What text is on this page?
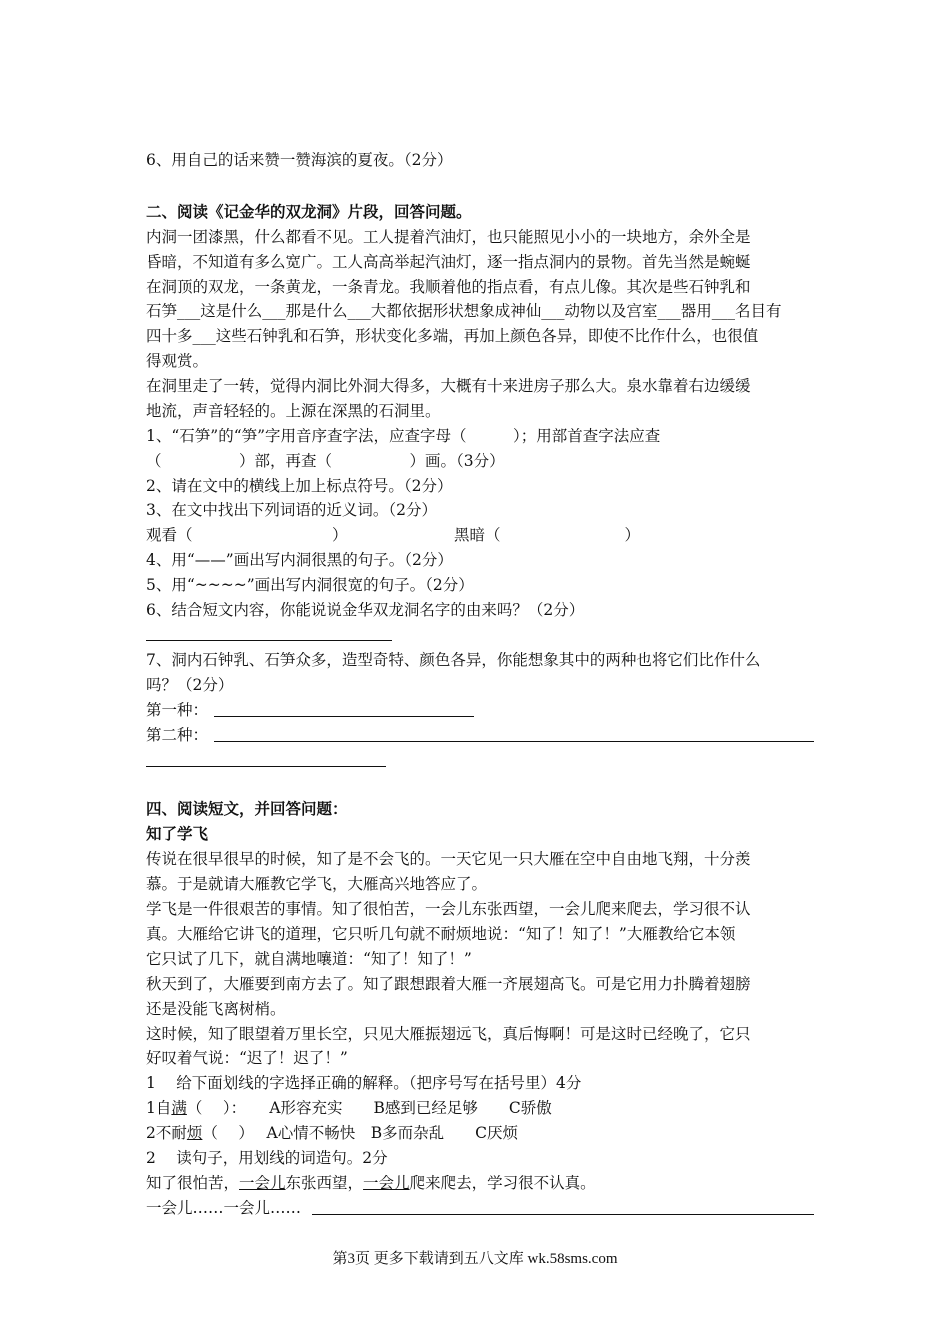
6、用自己的话来赞一赞海滨的夏夜。（2分）
二、阅读《记金华的双龙洞》片段，回答问题。
内洞一团漆黑，什么都看不见。工人提着汽油灯，也只能照见小小的一块地方，余外全是
昏暗，不知道有多么宽广。工人高高举起汽油灯，逐一指点洞内的景物。首先当然是蜿蜒
在洞顶的双龙，一条黄龙，一条青龙。我顺着他的指点看，有点儿像。其次是些石钟乳和
石笋___这是什么___那是什么___大都依据形状想象成神仙___动物以及宫室___器用___名目有
四十多___这些石钟乳和石笋，形状变化多端，再加上颜色各异，即使不比作什么，也很值
得观赏。
在洞里走了一转，觉得内洞比外洞大得多，大概有十来进房子那么大。泉水靠着右边缓缓
地流，声音轻轻的。上源在深黑的石洞里。
1、“石笋”的“笋”字用音序查字法，应查字母（　　　）；用部首查字法应查
（　　　　　）部，再查（　　　　　）画。（3分）
2、请在文中的横线上加上标点符号。（2分）
3、在文中找出下列词语的近义词。（2分）
观看（　　　　　　　　　）	黑暗（　　　　　　　　）
4、用“——”画出写内洞很黑的句子。（2分）
5、用“~~~~”画出写内洞很宽的句子。（2分）
6、结合短文内容，你能说说金华双龙洞名字的由来吗？（2分）
7、洞内石钟乳、石笋众多，造型奇特、颜色各异，你能想象其中的两种也将它们比作什么
吗？（2分）
第一种：
第二种：
四、阅读短文，并回答问题：
知了学飞
传说在很早很早的时候，知了是不会飞的。一天它见一只大雁在空中自由地飞翔，十分羡
慕。于是就请大雁教它学飞，大雁高兴地答应了。
学飞是一件很艰苦的事情。知了很怕苦，一会儿东张西望，一会儿爬来爬去，学习很不认
真。大雁给它讲飞的道理，它只听几句就不耐烦地说：“知了！知了！”大雁教给它本领
它只试了几下，就自满地嚷道：“知了！知了！”
秋天到了，大雁要到南方去了。知了跟想跟着大雁一齐展翅高飞。可是它用力扑腾着翅膀
还是没能飞离树梢。
这时候，知了眼望着万里长空，只见大雁振翅远飞，真后悔啊！可是这时已经晚了，它只
好叹着气说：“迟了！迟了！”
1　 给下面划线的字选择正确的解释。（把序号写在括号里）4分
1自满（　 ）：　　A形容充实　　B感到已经足够　　C骄傲
2不耐烦（　 ）　 A心情不畅快　B多而杂乱　　C厌烦
2　 读句子，用划线的词造句。2分
知了很怕苦，一会儿东张西望，一会儿爬来爬去，学习很不认真。
一会儿……一会儿……
第3页 更多下载请到五八文库 wk.58sms.com
